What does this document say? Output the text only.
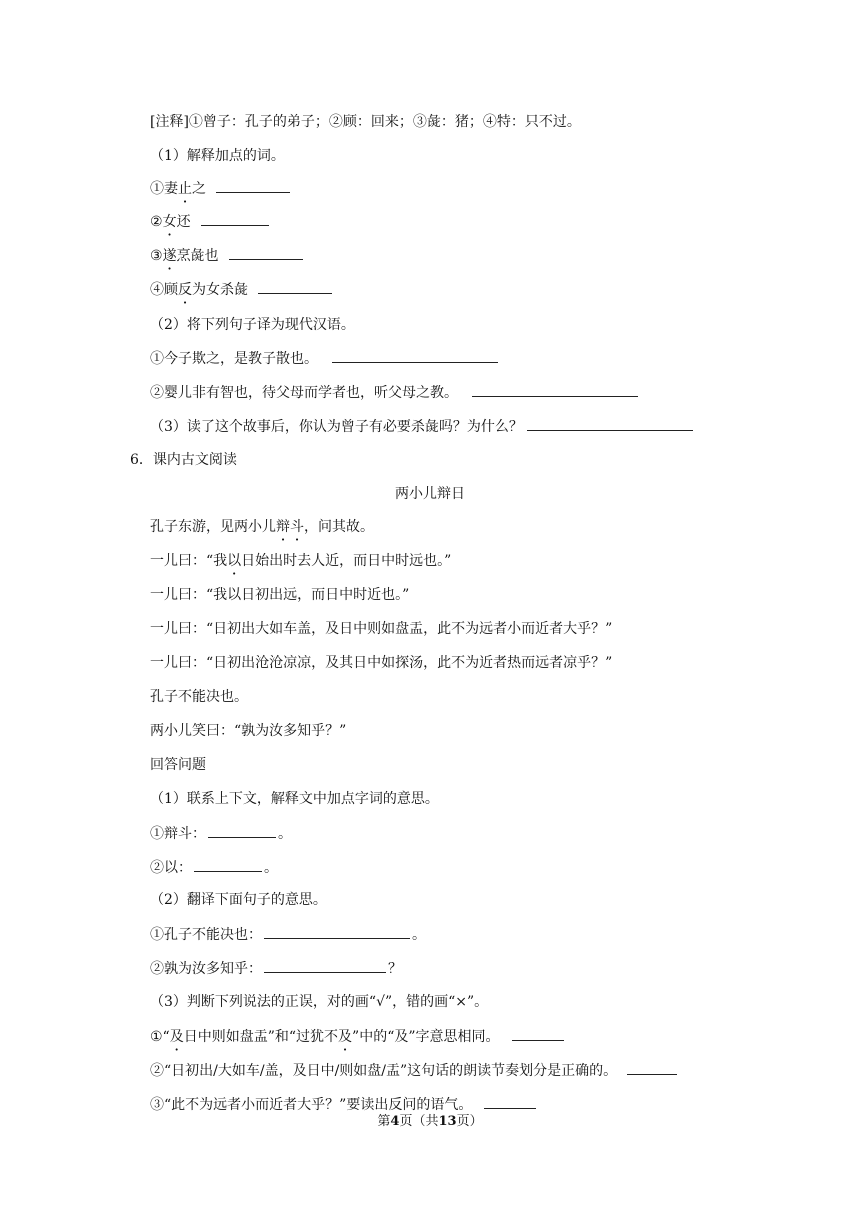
[注释]①曾子：孔子的弟子；②顾：回来；③彘：猪；④特：只不过。
（1）解释加点的词。
①妻止之
②女还
③遂烹彘也
④顾反为女杀彘
（2）将下列句子译为现代汉语。
①今子欺之，是教子散也。
②婴儿非有智也，待父母而学者也，听父母之教。
（3）读了这个故事后，你认为曾子有必要杀彘吗？为什么？
6．课内古文阅读
两小儿辩日
孔子东游，见两小儿辩斗，问其故。
一儿曰：“我以日始出时去人近，而日中时远也。”
一儿曰：“我以日初出远，而日中时近也。”
一儿曰：“日初出大如车盖，及日中则如盘盂，此不为远者小而近者大乎？”
一儿曰：“日初出沧沧凉凉，及其日中如探汤，此不为近者热而远者凉乎？”
孔子不能决也。
两小儿笑曰：“孰为汝多知乎？”
回答问题
（1）联系上下文，解释文中加点字词的意思。
①辩斗：	。
②以：	。
（2）翻译下面句子的意思。
①孔子不能决也：	。
②孰为汝多知乎：	？
（3）判断下列说法的正误，对的画“√”，错的画“×”。
①“及日中则如盘盂”和“过犹不及”中的“及”字意思相同。
②“日初出/大如车/盖，及日中/则如盘/盂”这句话的朗读节奏划分是正确的。
③“此不为远者小而近者大乎？”要读出反问的语气。
第4页（共13页）
